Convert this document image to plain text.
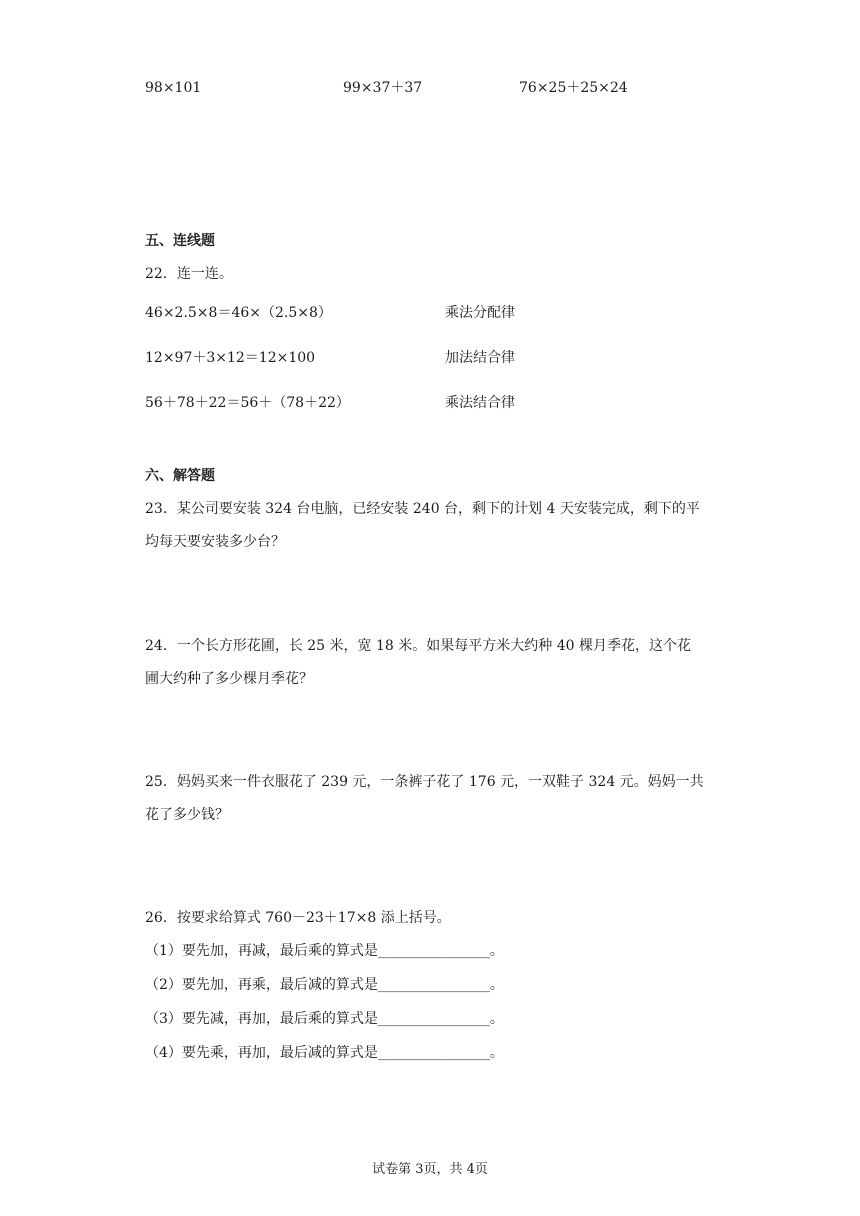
98×101	99×37＋37	76×25＋25×24
五、连线题
22．连一连。
46×2.5×8＝46×（2.5×8）	乘法分配律
12×97＋3×12＝12×100	加法结合律
56＋78＋22＝56＋（78＋22）	乘法结合律
六、解答题
23．某公司要安装 324 台电脑，已经安装 240 台，剩下的计划 4 天安装完成，剩下的平
均每天要安装多少台？
24．一个长方形花圃，长 25 米，宽 18 米。如果每平方米大约种 40 棵月季花，这个花
圃大约种了多少棵月季花？
25．妈妈买来一件衣服花了 239 元，一条裤子花了 176 元，一双鞋子 324 元。妈妈一共
花了多少钱？
26．按要求给算式 760－23＋17×8 添上括号。
（1）要先加，再减，最后乘的算式是________________。
（2）要先加，再乘，最后减的算式是________________。
（3）要先减，再加，最后乘的算式是________________。
（4）要先乘，再加，最后减的算式是________________。
试卷第 3页，共 4页
